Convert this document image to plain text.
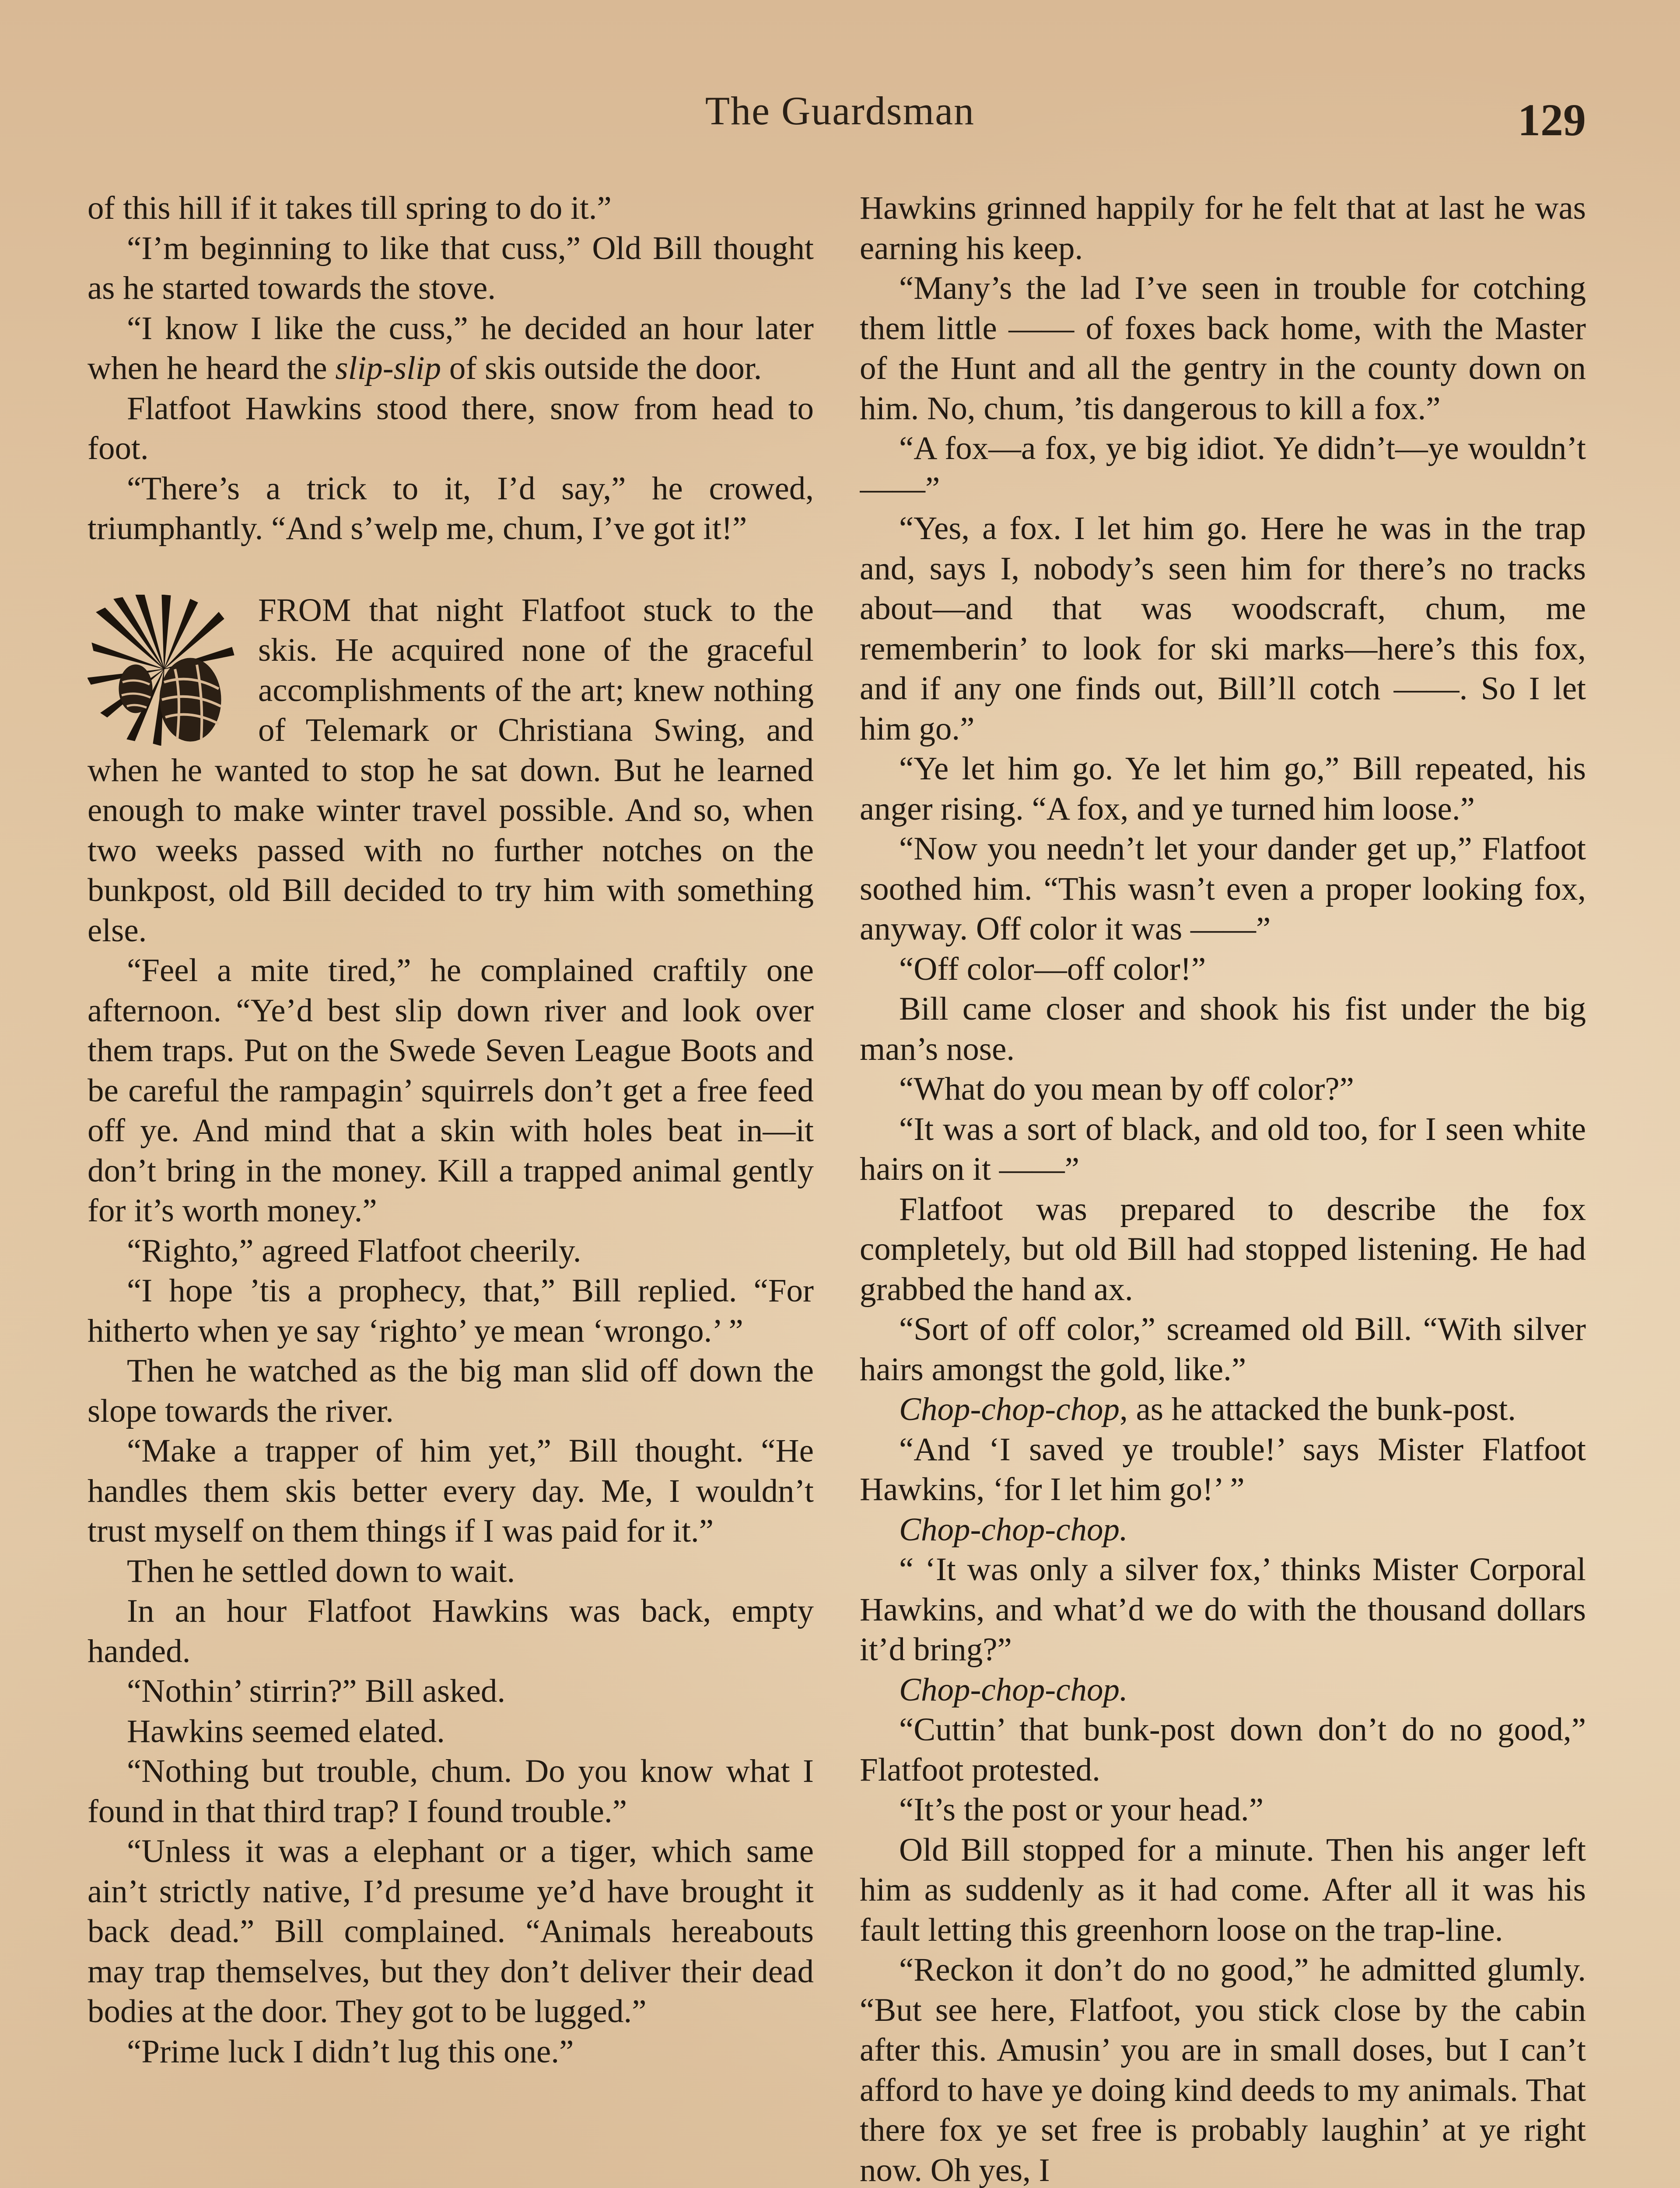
The Guardsman	129

of this hill if it takes till spring to do it.”

“I’m beginning to like that cuss,” Old Bill thought as he started towards the stove.

“I know I like the cuss,” he decided an hour later when he heard the slip-slip of skis outside the door.

Flatfoot Hawkins stood there, snow from head to foot.

“There’s a trick to it, I’d say,” he crowed, triumphantly. “And s’welp me, chum, I’ve got it!”

FROM that night Flatfoot stuck to the skis. He acquired none of the graceful accomplishments of the art; knew nothing of Telemark or Christiana Swing, and when he wanted to stop he sat down. But he learned enough to make winter travel possible. And so, when two weeks passed with no further notches on the bunkpost, old Bill decided to try him with something else.

“Feel a mite tired,” he complained craftily one afternoon. “Ye’d best slip down river and look over them traps. Put on the Swede Seven League Boots and be careful the rampagin’ squirrels don’t get a free feed off ye. And mind that a skin with holes beat in—it don’t bring in the money. Kill a trapped animal gently for it’s worth money.”

“Righto,” agreed Flatfoot cheerily.

“I hope ’tis a prophecy, that,” Bill replied. “For hitherto when ye say ‘righto’ ye mean ‘wrongo.’ ”

Then he watched as the big man slid off down the slope towards the river.

“Make a trapper of him yet,” Bill thought. “He handles them skis better every day. Me, I wouldn’t trust myself on them things if I was paid for it.”

Then he settled down to wait.

In an hour Flatfoot Hawkins was back, empty handed.

“Nothin’ stirrin?” Bill asked.

Hawkins seemed elated.

“Nothing but trouble, chum. Do you know what I found in that third trap? I found trouble.”

“Unless it was a elephant or a tiger, which same ain’t strictly native, I’d presume ye’d have brought it back dead.” Bill complained. “Animals hereabouts may trap themselves, but they don’t deliver their dead bodies at the door. They got to be lugged.”

“Prime luck I didn’t lug this one.”

Hawkins grinned happily for he felt that at last he was earning his keep.

“Many’s the lad I’ve seen in trouble for cotching them little —— of foxes back home, with the Master of the Hunt and all the gentry in the county down on him. No, chum, ’tis dangerous to kill a fox.”

“A fox—a fox, ye big idiot. Ye didn’t—ye wouldn’t ——”

“Yes, a fox. I let him go. Here he was in the trap and, says I, nobody’s seen him for there’s no tracks about—and that was woodscraft, chum, me rememberin’ to look for ski marks—here’s this fox, and if any one finds out, Bill’ll cotch ——. So I let him go.”

“Ye let him go. Ye let him go,” Bill repeated, his anger rising. “A fox, and ye turned him loose.”

“Now you needn’t let your dander get up,” Flatfoot soothed him. “This wasn’t even a proper looking fox, anyway. Off color it was ——”

“Off color—off color!”

Bill came closer and shook his fist under the big man’s nose.

“What do you mean by off color?”

“It was a sort of black, and old too, for I seen white hairs on it ——”

Flatfoot was prepared to describe the fox completely, but old Bill had stopped listening. He had grabbed the hand ax.

“Sort of off color,” screamed old Bill. “With silver hairs amongst the gold, like.”

Chop-chop-chop, as he attacked the bunk-post.

“And ‘I saved ye trouble!’ says Mister Flatfoot Hawkins, ‘for I let him go!’ ”

Chop-chop-chop.

“ ‘It was only a silver fox,’ thinks Mister Corporal Hawkins, and what’d we do with the thousand dollars it’d bring?”

Chop-chop-chop.

“Cuttin’ that bunk-post down don’t do no good,” Flatfoot protested.

“It’s the post or your head.”

Old Bill stopped for a minute. Then his anger left him as suddenly as it had come. After all it was his fault letting this greenhorn loose on the trap-line.

“Reckon it don’t do no good,” he admitted glumly. “But see here, Flatfoot, you stick close by the cabin after this. Amusin’ you are in small doses, but I can’t afford to have ye doing kind deeds to my animals. That there fox ye set free is probably laughin’ at ye right now. Oh yes, I
